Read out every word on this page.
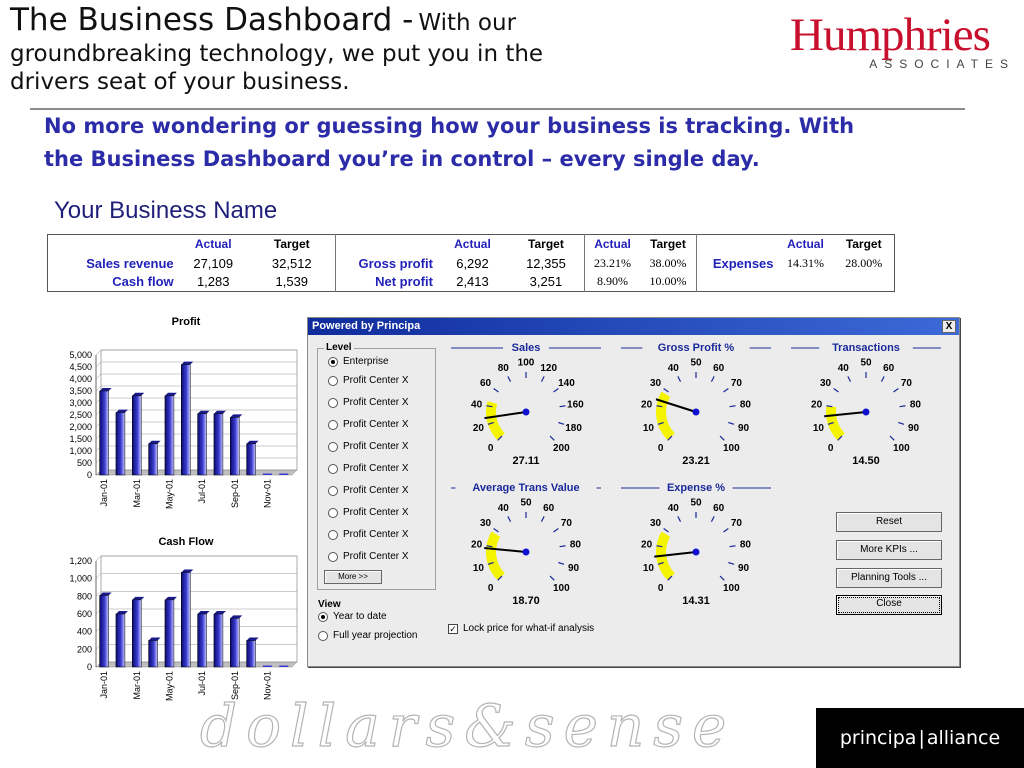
The Business Dashboard - With our
groundbreaking technology, we put you in the
drivers seat of your business.
Humphries
ASSOCIATES
No more wondering or guessing how your business is tracking. With
the Business Dashboard you’re in control – every single day.
Your Business Name
	Actual	Target		Actual	Target	Actual	Target		Actual	Target
Sales revenue	27,109	32,512	Gross profit	6,292	12,355	23.21%	38.00%	Expenses	14.31%	28.00%
Cash flow	1,283	1,539	Net profit	2,413	3,251	8.90%	10.00%			
Profit
0
500
1,000
1,500
2,000
2,500
3,000
3,500
4,000
4,500
5,000
Jan-01	Mar-01	May-01	Jul-01	Sep-01	Nov-01
Cash Flow
0
200
400
600
800
1,000
1,200
Jan-01	Mar-01	May-01	Jul-01	Sep-01	Nov-01
Powered by Principa	X
Level
Enterprise
Profit Center X
Profit Center X
Profit Center X
Profit Center X
Profit Center X
Profit Center X
Profit Center X
Profit Center X
Profit Center X
More >>
View
Year to date
Full year projection
✓ Lock price for what-if analysis
Sales
0
20
40
60
80 100 120
140
160
180
200
27.11
Gross Profit %
0
10
20
30
40 50 60
70
80
90
100
23.21
Transactions
0
10
20
30
40 50 60
70
80
90
100
14.50
Average Trans Value
0
10
20
30
40 50 60
70
80
90
100
18.70
Expense %
0
10
20
30
40 50 60
70
80
90
100
14.31
Reset
More KPIs ...
Planning Tools ...
Close
dollars&sense	principa | alliance
